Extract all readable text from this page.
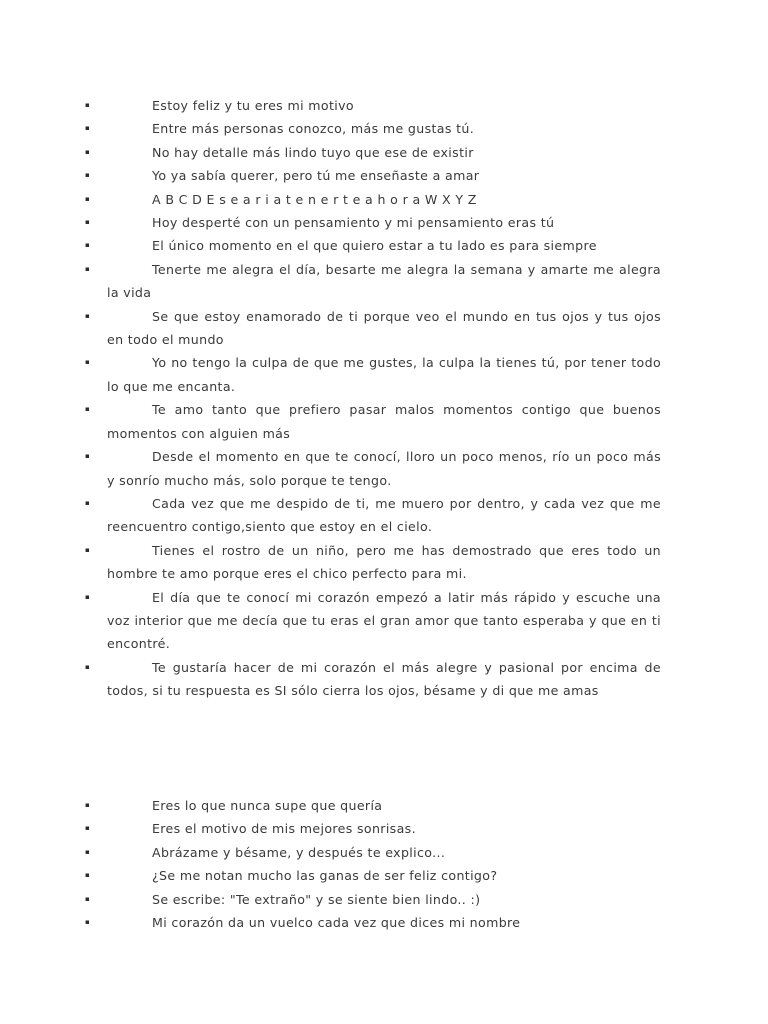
▪	Estoy feliz y tu eres mi motivo
▪	Entre más personas conozco, más me gustas tú.
▪	No hay detalle más lindo tuyo que ese de existir
▪	Yo ya sabía querer, pero tú me enseñaste a amar
▪	A B C D E s e a r i a t e n e r t e a h o r a W X Y Z
▪	Hoy desperté con un pensamiento y mi pensamiento eras tú
▪	El único momento en el que quiero estar a tu lado es para siempre
▪	Tenerte me alegra el día, besarte me alegra la semana y amarte me alegra la vida
▪	Se que estoy enamorado de ti porque veo el mundo en tus ojos y tus ojos en todo el mundo
▪	Yo no tengo la culpa de que me gustes, la culpa la tienes tú, por tener todo lo que me encanta.
▪	Te amo tanto que prefiero pasar malos momentos contigo que buenos momentos con alguien más
▪	Desde el momento en que te conocí, lloro un poco menos, río un poco más y sonrío mucho más, solo porque te tengo.
▪	Cada vez que me despido de ti, me muero por dentro, y cada vez que me reencuentro contigo,siento que estoy en el cielo.
▪	Tienes el rostro de un niño, pero me has demostrado que eres todo un hombre te amo porque eres el chico perfecto para mi.
▪	El día que te conocí mi corazón empezó a latir más rápido y escuche una voz interior que me decía que tu eras el gran amor que tanto esperaba y que en ti encontré.
▪	Te gustaría hacer de mi corazón el más alegre y pasional por encima de todos, si tu respuesta es SI sólo cierra los ojos, bésame y di que me amas
▪	Eres lo que nunca supe que quería
▪	Eres el motivo de mis mejores sonrisas.
▪	Abrázame y bésame, y después te explico...
▪	¿Se me notan mucho las ganas de ser feliz contigo?
▪	Se escribe: "Te extraño" y se siente bien lindo.. :)
▪	Mi corazón da un vuelco cada vez que dices mi nombre
